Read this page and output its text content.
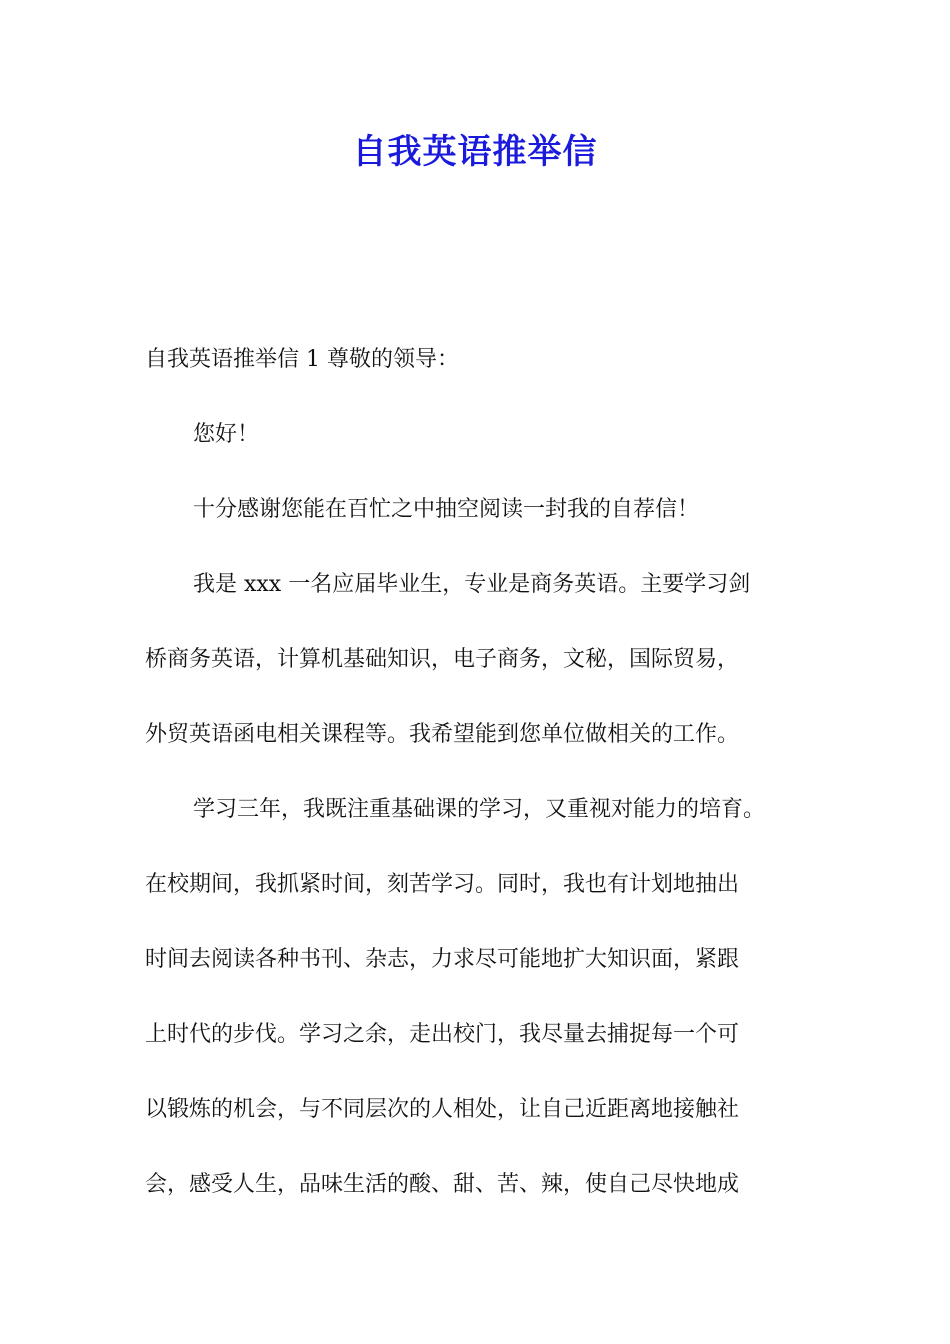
自我英语推举信
自我英语推举信 1 尊敬的领导：
您好！
十分感谢您能在百忙之中抽空阅读一封我的自荐信！
我是 xxx 一名应届毕业生，专业是商务英语。主要学习剑
桥商务英语，计算机基础知识，电子商务，文秘，国际贸易，
外贸英语函电相关课程等。我希望能到您单位做相关的工作。
学习三年，我既注重基础课的学习，又重视对能力的培育。
在校期间，我抓紧时间，刻苦学习。同时，我也有计划地抽出
时间去阅读各种书刊、杂志，力求尽可能地扩大知识面，紧跟
上时代的步伐。学习之余，走出校门，我尽量去捕捉每一个可
以锻炼的机会，与不同层次的人相处，让自己近距离地接触社
会，感受人生，品味生活的酸、甜、苦、辣，使自己尽快地成
